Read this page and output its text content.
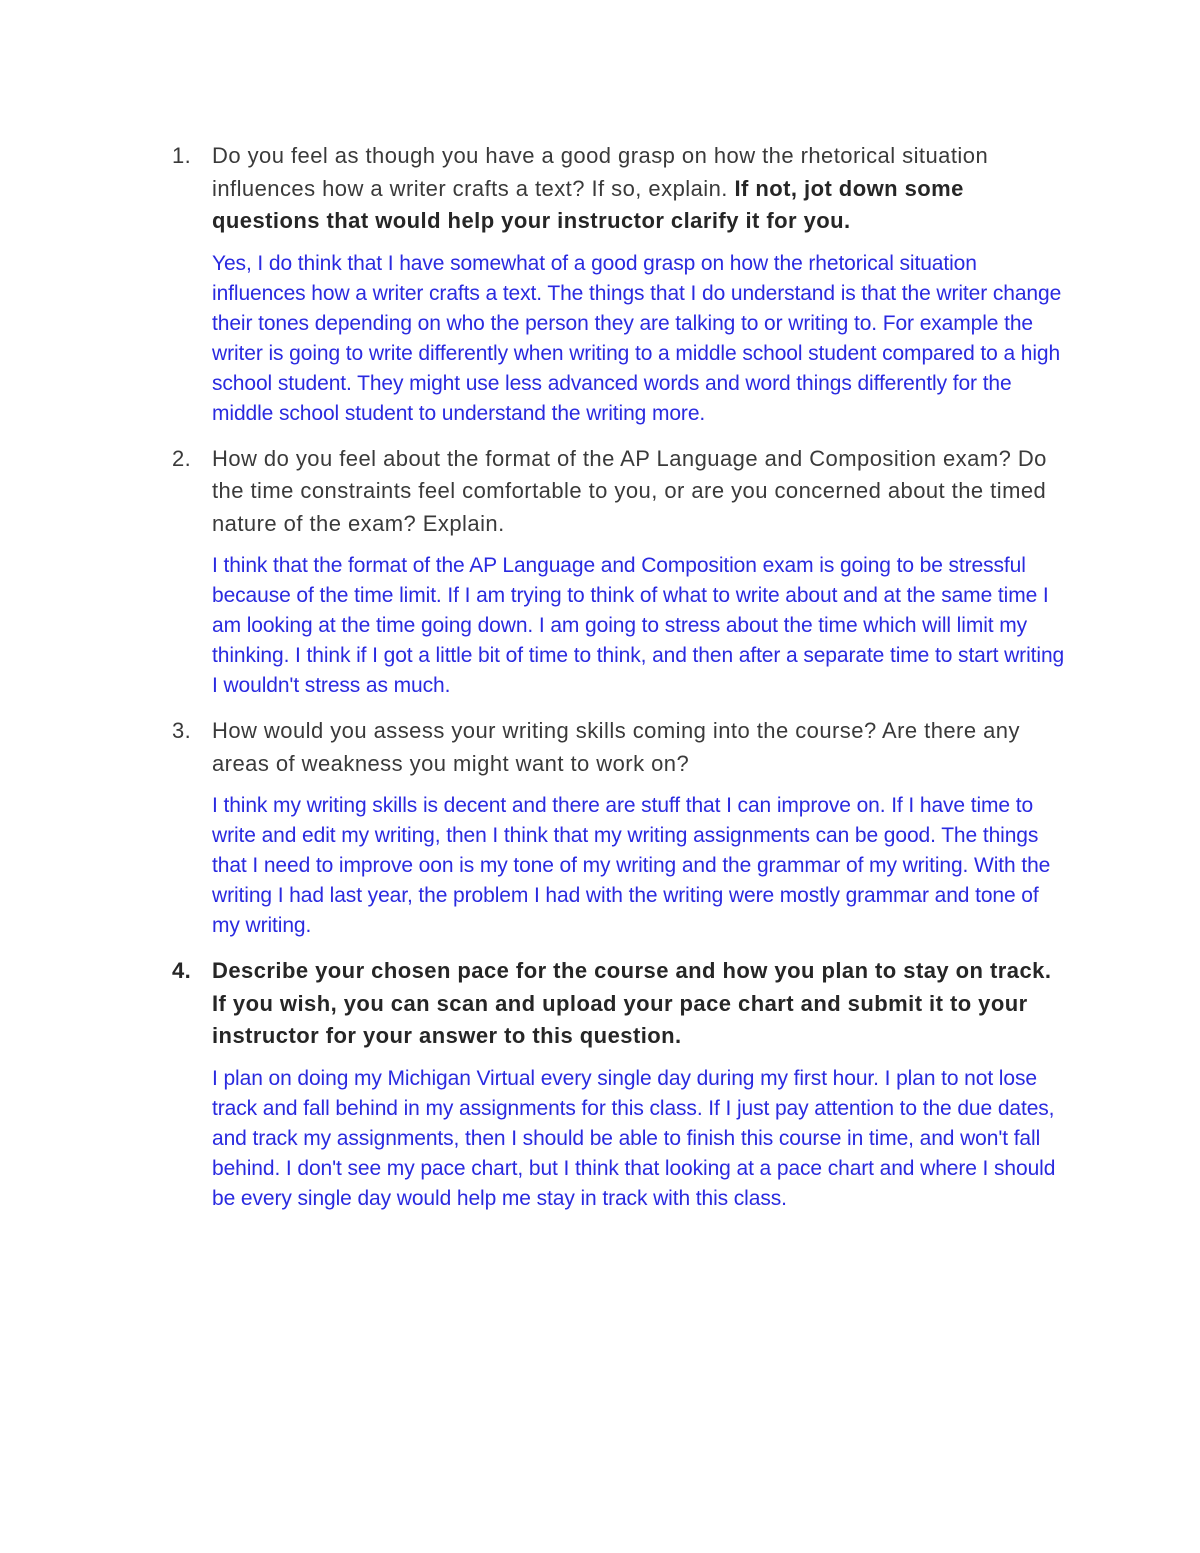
1. Do you feel as though you have a good grasp on how the rhetorical situation influences how a writer crafts a text? If so, explain. If not, jot down some questions that would help your instructor clarify it for you.

Yes, I do think that I have somewhat of a good grasp on how the rhetorical situation influences how a writer crafts a text. The things that I do understand is that the writer change their tones depending on who the person they are talking to or writing to. For example the writer is going to write differently when writing to a middle school student compared to a high school student. They might use less advanced words and word things differently for the middle school student to understand the writing more.

2. How do you feel about the format of the AP Language and Composition exam? Do the time constraints feel comfortable to you, or are you concerned about the timed nature of the exam? Explain.

I think that the format of the AP Language and Composition exam is going to be stressful because of the time limit. If I am trying to think of what to write about and at the same time I am looking at the time going down. I am going to stress about the time which will limit my thinking. I think if I got a little bit of time to think, and then after a separate time to start writing I wouldn't stress as much.

3. How would you assess your writing skills coming into the course? Are there any areas of weakness you might want to work on?

I think my writing skills is decent and there are stuff that I can improve on. If I have time to write and edit my writing, then I think that my writing assignments can be good. The things that I need to improve oon is my tone of my writing and the grammar of my writing. With the writing I had last year, the problem I had with the writing were mostly grammar and tone of my writing.

4. Describe your chosen pace for the course and how you plan to stay on track. If you wish, you can scan and upload your pace chart and submit it to your instructor for your answer to this question.

I plan on doing my Michigan Virtual every single day during my first hour. I plan to not lose track and fall behind in my assignments for this class. If I just pay attention to the due dates, and track my assignments, then I should be able to finish this course in time, and won't fall behind. I don't see my pace chart, but I think that looking at a pace chart and where I should be every single day would help me stay in track with this class.
